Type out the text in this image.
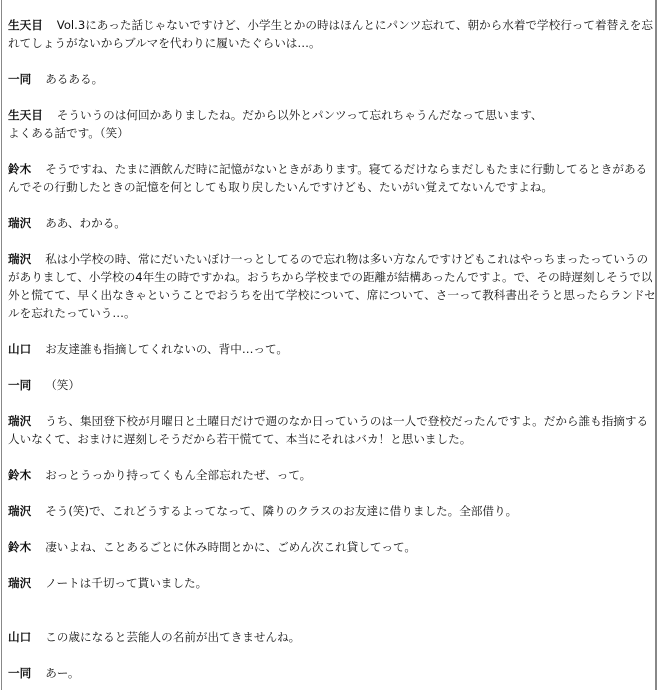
生天目 Vol.3にあった話じゃないですけど、小学生とかの時はほんとにパンツ忘れて、朝から水着で学校行って着替えを忘れてしょうがないからブルマを代わりに履いたぐらいは…。

一同 あるある。

生天目 そういうのは何回かありましたね。だから以外とパンツって忘れちゃうんだなって思います、
よくある話です。（笑）

鈴木 そうですね、たまに酒飲んだ時に記憶がないときがあります。寝てるだけならまだしもたまに行動してるときがあるんでその行動したときの記憶を何としても取り戻したいんですけども、たいがい覚えてないんですよね。

瑞沢 ああ、わかる。

瑞沢 私は小学校の時、常にだいたいぼけ一っとしてるので忘れ物は多い方なんですけどもこれはやっちまったっていうのがありまして、小学校の4年生の時ですかね。おうちから学校までの距離が結構あったんですよ。で、その時遅刻しそうで以外と慌てて、早く出なきゃということでおうちを出て学校について、席について、さ一って教科書出そうと思ったらランドセルを忘れたっていう…。

山口 お友達誰も指摘してくれないの、背中…って。

一同 （笑）

瑞沢 うち、集団登下校が月曜日と土曜日だけで週のなか日っていうのは一人で登校だったんですよ。だから誰も指摘する人いなくて、おまけに遅刻しそうだから若干慌てて、本当にそれはバカ！と思いました。

鈴木 おっとうっかり持ってくもん全部忘れたぜ、って。

瑞沢 そう(笑)で、これどうするよってなって、隣りのクラスのお友達に借りました。全部借り。

鈴木 凄いよね、ことあるごとに休み時間とかに、ごめん次これ貸してって。

瑞沢 ノートは千切って貰いました。

山口 この歳になると芸能人の名前が出てきませんね。

一同 あー。
